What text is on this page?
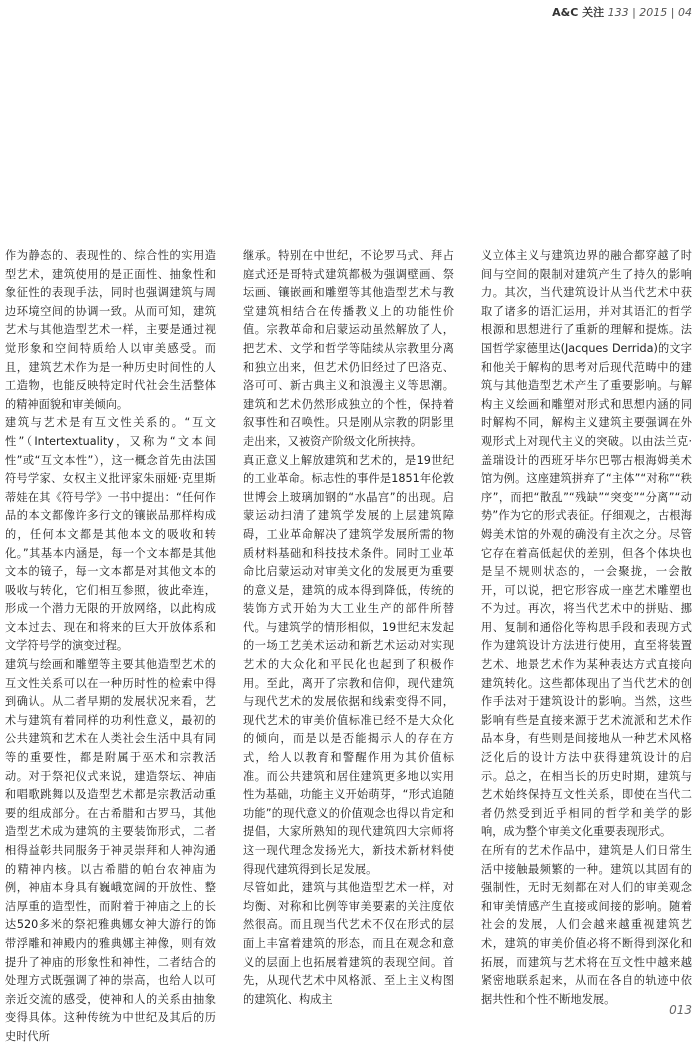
A&C 关注 133 | 2015 | 04

作为静态的、表现性的、综合性的实用造型艺术，建筑使用的是正面性、抽象性和象征性的表现手法，同时也强调建筑与周边环境空间的协调一致。从而可知，建筑艺术与其他造型艺术一样，主要是通过视觉形象和空间特质给人以审美感受。而且，建筑艺术作为是一种历史时间性的人工造物，也能反映特定时代社会生活整体的精神面貌和审美倾向。

建筑与艺术是有互文性关系的。“互文性”（Intertextuality，又称为“文本间性”或“互文本性”），这一概念首先由法国符号学家、女权主义批评家朱丽娅·克里斯蒂娃在其《符号学》一书中提出：“任何作品的本文都像许多行文的镶嵌品那样构成的，任何本文都是其他本文的吸收和转化。”其基本内涵是，每一个文本都是其他文本的镜子，每一文本都是对其他文本的吸收与转化，它们相互参照，彼此牵连，形成一个潜力无限的开放网络，以此构成文本过去、现在和将来的巨大开放体系和文学符号学的演变过程。

建筑与绘画和雕塑等主要其他造型艺术的互文性关系可以在一种历时性的检索中得到确认。从二者早期的发展状况来看，艺术与建筑有着同样的功利性意义，最初的公共建筑和艺术在人类社会生活中具有同等的重要性，都是附属于巫术和宗教活动。对于祭祀仪式来说，建造祭坛、神庙和唱歌跳舞以及造型艺术都是宗教活动重要的组成部分。在古希腊和古罗马，其他造型艺术成为建筑的主要装饰形式，二者相得益彰共同服务于神灵崇拜和人神沟通的精神内核。以古希腊的帕台农神庙为例，神庙本身具有巍峨宽阔的开放性、整洁厚重的造型性，而附着于神庙之上的长达520多米的祭祀雅典娜女神大游行的饰带浮雕和神殿内的雅典娜主神像，则有效提升了神庙的形象性和神性，二者结合的处理方式既强调了神的崇高，也给人以可亲近交流的感受，使神和人的关系由抽象变得具体。这种传统为中世纪及其后的历史时代所

继承。特别在中世纪，不论罗马式、拜占庭式还是哥特式建筑都极为强调壁画、祭坛画、镶嵌画和雕塑等其他造型艺术与教堂建筑相结合在传播教义上的功能性价值。宗教革命和启蒙运动虽然解放了人，把艺术、文学和哲学等陆续从宗教里分离和独立出来，但艺术仍旧经过了巴洛克、洛可可、新古典主义和浪漫主义等思潮。建筑和艺术仍然形成独立的个性，保持着叙事性和召唤性。只是刚从宗教的阴影里走出来，又被资产阶级文化所挟持。

真正意义上解放建筑和艺术的，是19世纪的工业革命。标志性的事件是1851年伦敦世博会上玻璃加钢的“水晶宫”的出现。启蒙运动扫清了建筑学发展的上层建筑障碍，工业革命解决了建筑学发展所需的物质材料基础和科技技术条件。同时工业革命比启蒙运动对审美文化的发展更为重要的意义是，建筑的成本得到降低，传统的装饰方式开始为大工业生产的部件所替代。与建筑学的情形相似，19世纪末发起的一场工艺美术运动和新艺术运动对实现艺术的大众化和平民化也起到了积极作用。至此，离开了宗教和信仰，现代建筑与现代艺术的发展依据和线索变得不同，现代艺术的审美价值标准已经不是大众化的倾向，而是以是否能揭示人的存在方式，给人以教育和警醒作用为其价值标准。而公共建筑和居住建筑更多地以实用性为基础，功能主义开始萌芽，“形式追随功能”的现代意义的价值观念也得以肯定和提倡，大家所熟知的现代建筑四大宗师将这一现代理念发扬光大，新技术新材料使得现代建筑得到长足发展。

尽管如此，建筑与其他造型艺术一样，对均衡、对称和比例等审美要素的关注度依然很高。而且现当代艺术不仅在形式的层面上丰富着建筑的形态，而且在观念和意义的层面上也拓展着建筑的表现空间。首先，从现代艺术中风格派、至上主义构图的建筑化、构成主

义立体主义与建筑边界的融合都穿越了时间与空间的限制对建筑产生了持久的影响力。其次，当代建筑设计从当代艺术中获取了诸多的语汇运用，并对其语汇的哲学根源和思想进行了重新的理解和提炼。法国哲学家德里达(Jacques Derrida)的文字和他关于解构的思考对后现代范畴中的建筑与其他造型艺术产生了重要影响。与解构主义绘画和雕塑对形式和思想内涵的同时解构不同，解构主义建筑主要强调在外观形式上对现代主义的突破。以由法兰克·盖瑞设计的西班牙毕尔巴鄂古根海姆美术馆为例。这座建筑拼弃了“主体”“对称”“秩序”，而把“散乱”“残缺”“突变”“分离”“动势”作为它的形式表征。仔细观之，古根海姆美术馆的外观的确没有主次之分。尽管它存在着高低起伏的差别，但各个体块也是呈不规则状态的，一会聚拢，一会散开，可以说，把它形容成一座艺术雕塑也不为过。再次，将当代艺术中的拼贴、挪用、复制和通俗化等构思手段和表现方式作为建筑设计方法进行使用，直至将装置艺术、地景艺术作为某种表达方式直接向建筑转化。这些都体现出了当代艺术的创作手法对于建筑设计的影响。当然，这些影响有些是直接来源于艺术流派和艺术作品本身，有些则是间接地从一种艺术风格泛化后的设计方法中获得建筑设计的启示。总之，在相当长的历史时期，建筑与艺术始终保持互文性关系，即使在当代二者仍然受到近乎相同的哲学和美学的影响，成为整个审美文化重要表现形式。

在所有的艺术作品中，建筑是人们日常生活中接触最频繁的一种。建筑以其固有的强制性，无时无刻都在对人们的审美观念和审美情感产生直接或间接的影响。随着社会的发展，人们会越来越重视建筑艺术，建筑的审美价值必将不断得到深化和拓展，而建筑与艺术将在互文性中越来越紧密地联系起来，从而在各自的轨迹中依据共性和个性不断地发展。

013
